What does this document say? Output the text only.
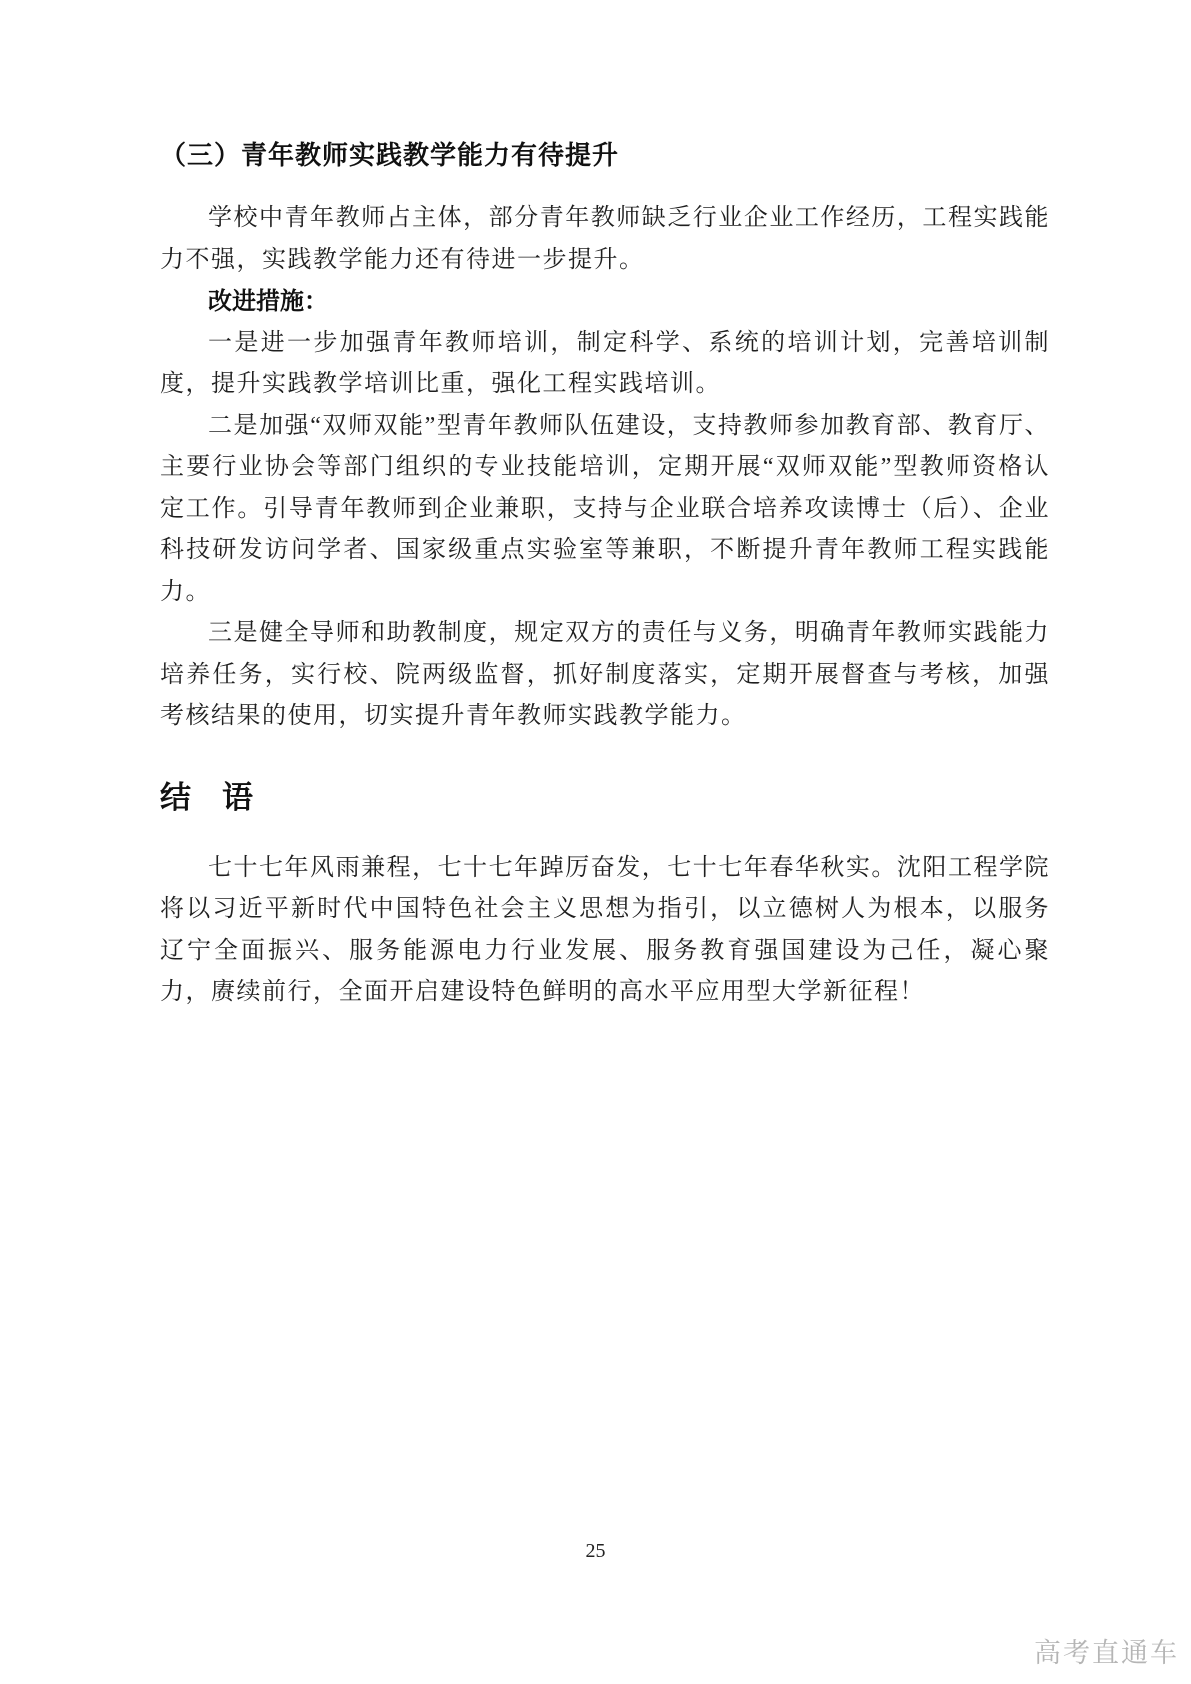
（三）青年教师实践教学能力有待提升

学校中青年教师占主体，部分青年教师缺乏行业企业工作经历，工程实践能力不强，实践教学能力还有待进一步提升。

改进措施：

一是进一步加强青年教师培训，制定科学、系统的培训计划，完善培训制度，提升实践教学培训比重，强化工程实践培训。

二是加强“双师双能”型青年教师队伍建设，支持教师参加教育部、教育厅、主要行业协会等部门组织的专业技能培训，定期开展“双师双能”型教师资格认定工作。引导青年教师到企业兼职，支持与企业联合培养攻读博士（后）、企业科技研发访问学者、国家级重点实验室等兼职，不断提升青年教师工程实践能力。

三是健全导师和助教制度，规定双方的责任与义务，明确青年教师实践能力培养任务，实行校、院两级监督，抓好制度落实，定期开展督查与考核，加强考核结果的使用，切实提升青年教师实践教学能力。

结　语

七十七年风雨兼程，七十七年踔厉奋发，七十七年春华秋实。沈阳工程学院将以习近平新时代中国特色社会主义思想为指引，以立德树人为根本，以服务辽宁全面振兴、服务能源电力行业发展、服务教育强国建设为己任，凝心聚力，赓续前行，全面开启建设特色鲜明的高水平应用型大学新征程！

25
高考直通车
